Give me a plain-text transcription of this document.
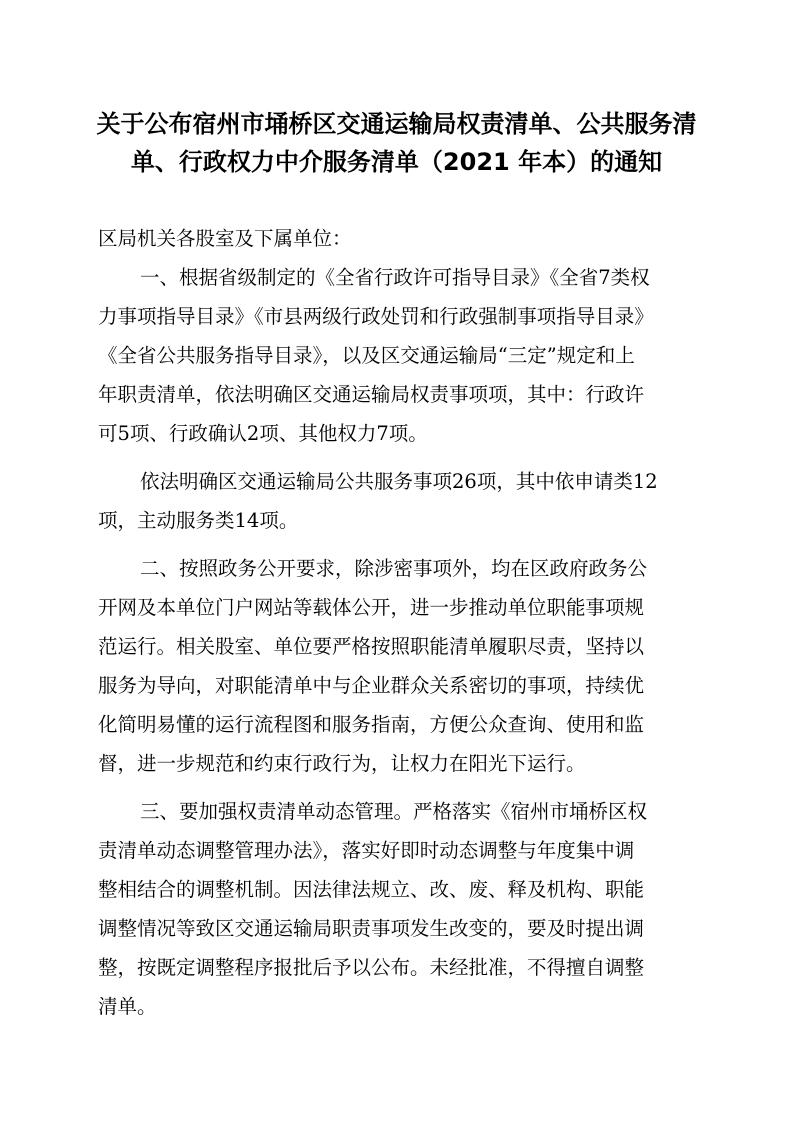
关于公布宿州市埇桥区交通运输局权责清单、公共服务清
单、行政权力中介服务清单（2021 年本）的通知

区局机关各股室及下属单位：

一、根据省级制定的《全省行政许可指导目录》《全省7类权

力事项指导目录》《市县两级行政处罚和行政强制事项指导目录》

《全省公共服务指导目录》，以及区交通运输局“三定”规定和上

年职责清单，依法明确区交通运输局权责事项项，其中：行政许

可5项、行政确认2项、其他权力7项。

依法明确区交通运输局公共服务事项26项，其中依申请类12

项，主动服务类14项。

二、按照政务公开要求，除涉密事项外，均在区政府政务公

开网及本单位门户网站等载体公开，进一步推动单位职能事项规

范运行。相关股室、单位要严格按照职能清单履职尽责，坚持以

服务为导向，对职能清单中与企业群众关系密切的事项，持续优

化简明易懂的运行流程图和服务指南，方便公众查询、使用和监

督，进一步规范和约束行政行为，让权力在阳光下运行。

三、要加强权责清单动态管理。严格落实《宿州市埇桥区权

责清单动态调整管理办法》，落实好即时动态调整与年度集中调

整相结合的调整机制。因法律法规立、改、废、释及机构、职能

调整情况等致区交通运输局职责事项发生改变的，要及时提出调

整，按既定调整程序报批后予以公布。未经批准，不得擅自调整

清单。
